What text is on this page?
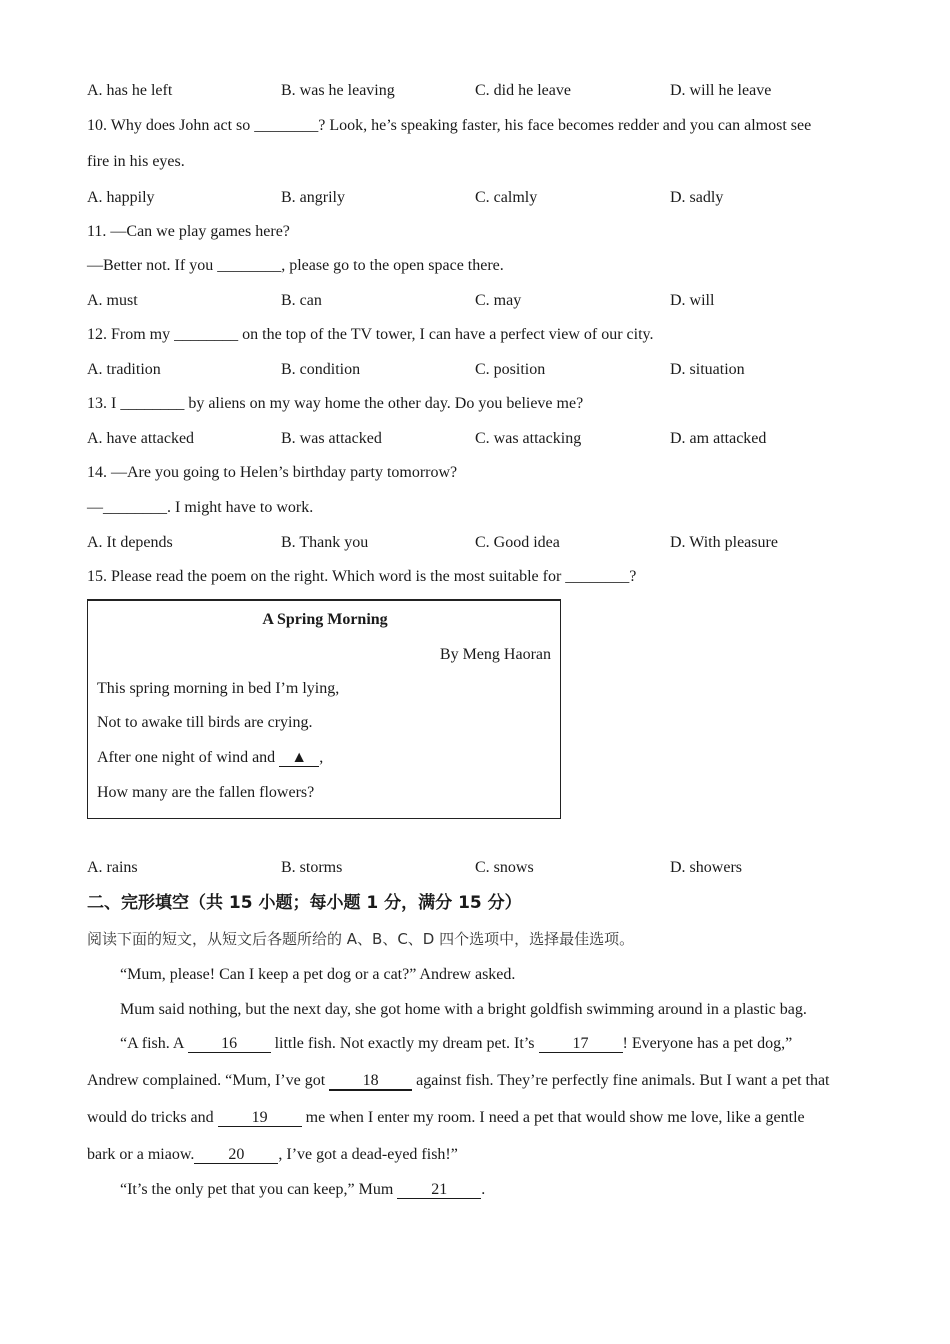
A. has he left	B. was he leaving	C. did he leave	D. will he leave
10. Why does John act so ________? Look, he’s speaking faster, his face becomes redder and you can almost see
fire in his eyes.
A. happily	B. angrily	C. calmly	D. sadly
11. —Can we play games here?
—Better not. If you ________, please go to the open space there.
A. must	B. can	C. may	D. will
12. From my ________ on the top of the TV tower, I can have a perfect view of our city.
A. tradition	B. condition	C. position	D. situation
13. I ________ by aliens on my way home the other day. Do you believe me?
A. have attacked	B. was attacked	C. was attacking	D. am attacked
14. —Are you going to Helen’s birthday party tomorrow?
—________. I might have to work.
A. It depends	B. Thank you	C. Good idea	D. With pleasure
15. Please read the poem on the right. Which word is the most suitable for ________?
A Spring Morning
By Meng Haoran
This spring morning in bed I’m lying,
Not to awake till birds are crying.
After one night of wind and ▲ ,
How many are the fallen flowers?
A. rains	B. storms	C. snows	D. showers
二、完形填空（共 15 小题；每小题 1 分，满分 15 分）
阅读下面的短文，从短文后各题所给的 A、B、C、D 四个选项中，选择最佳选项。
“Mum, please! Can I keep a pet dog or a cat?” Andrew asked.
Mum said nothing, but the next day, she got home with a bright goldfish swimming around in a plastic bag.
“A fish. A 16 little fish. Not exactly my dream pet. It’s 17 ! Everyone has a pet dog,”
Andrew complained. “Mum, I’ve got 18 against fish. They’re perfectly fine animals. But I want a pet that
would do tricks and 19 me when I enter my room. I need a pet that would show me love, like a gentle
bark or a miaow. 20 , I’ve got a dead-eyed fish!”
“It’s the only pet that you can keep,” Mum 21 .
